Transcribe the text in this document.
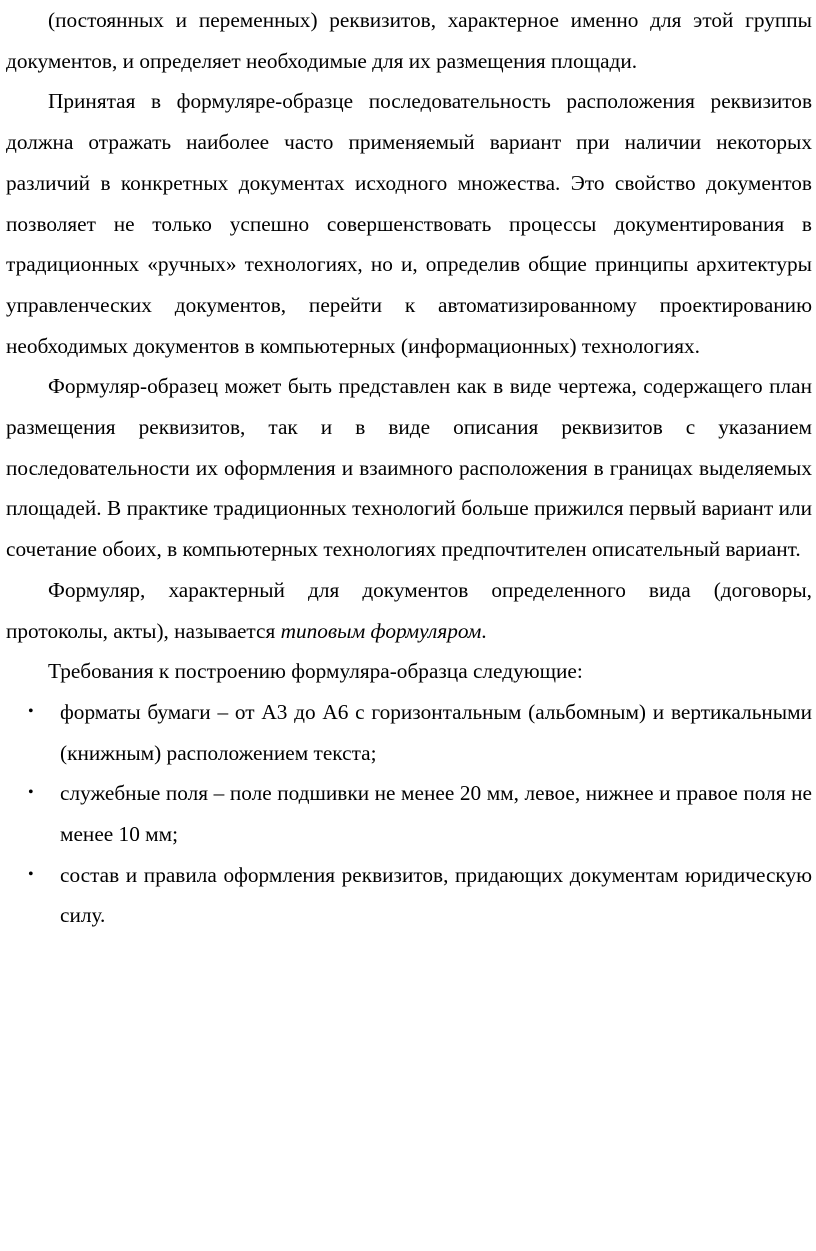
(постоянных и переменных) реквизитов, характерное именно для этой группы документов, и определяет необходимые для их размещения площади.

Принятая в формуляре-образце последовательность расположения реквизитов должна отражать наиболее часто применяемый вариант при наличии некоторых различий в конкретных документах исходного множества. Это свойство документов позволяет не только успешно совершенствовать процессы документирования в традиционных «ручных» технологиях, но и, определив общие принципы архитектуры управленческих документов, перейти к автоматизированному проектированию необходимых документов в компьютерных (информационных) технологиях.

Формуляр-образец может быть представлен как в виде чертежа, содержащего план размещения реквизитов, так и в виде описания реквизитов с указанием последовательности их оформления и взаимного расположения в границах выделяемых площадей. В практике традиционных технологий больше прижился первый вариант или сочетание обоих, в компьютерных технологиях предпочтителен описательный вариант.

Формуляр, характерный для документов определенного вида (договоры, протоколы, акты), называется типовым формуляром.

Требования к построению формуляра-образца следующие:

• форматы бумаги – от А3 до А6 с горизонтальным (альбомным) и вертикальными (книжным) расположением текста;
• служебные поля – поле подшивки не менее 20 мм, левое, нижнее и правое поля не менее 10 мм;
• состав и правила оформления реквизитов, придающих документам юридическую силу.
